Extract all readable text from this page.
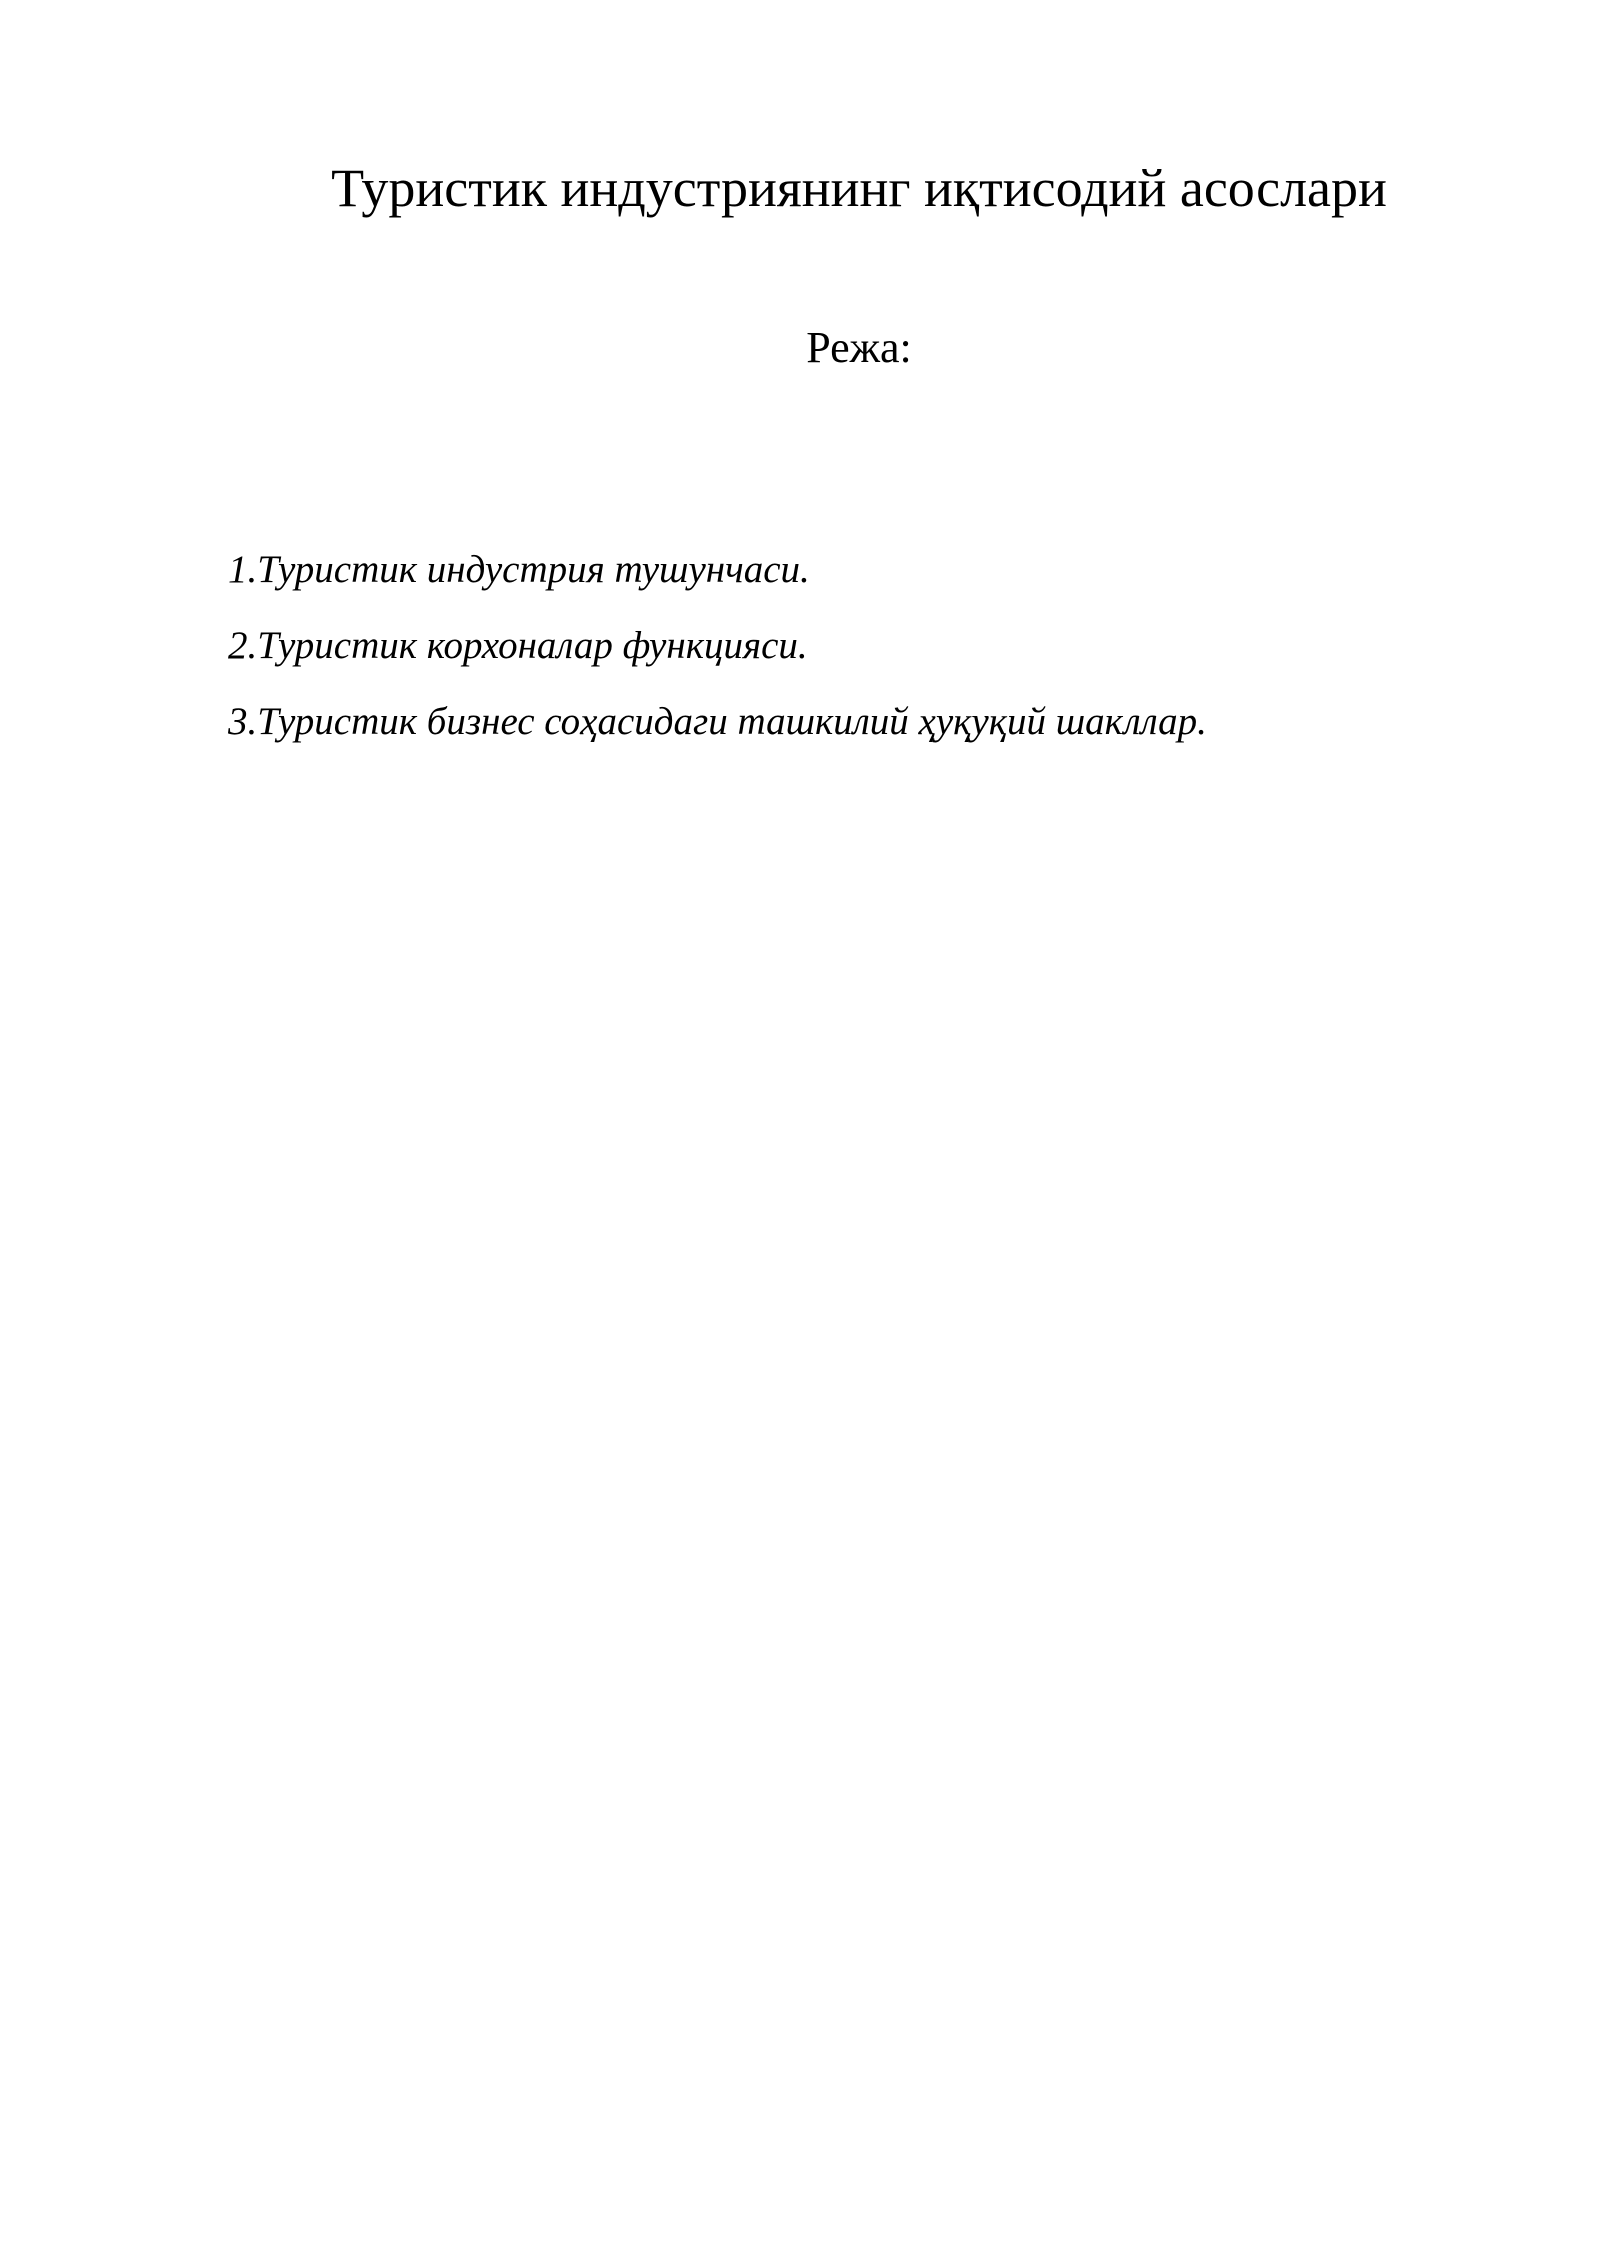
Туристик индустриянинг иқтисодий асослари
Режа:
1.Туристик индустрия тушунчаси.
2.Туристик корхоналар функцияси.
3.Туристик бизнес соҳасидаги ташкилий ҳуқуқий шакллар.
